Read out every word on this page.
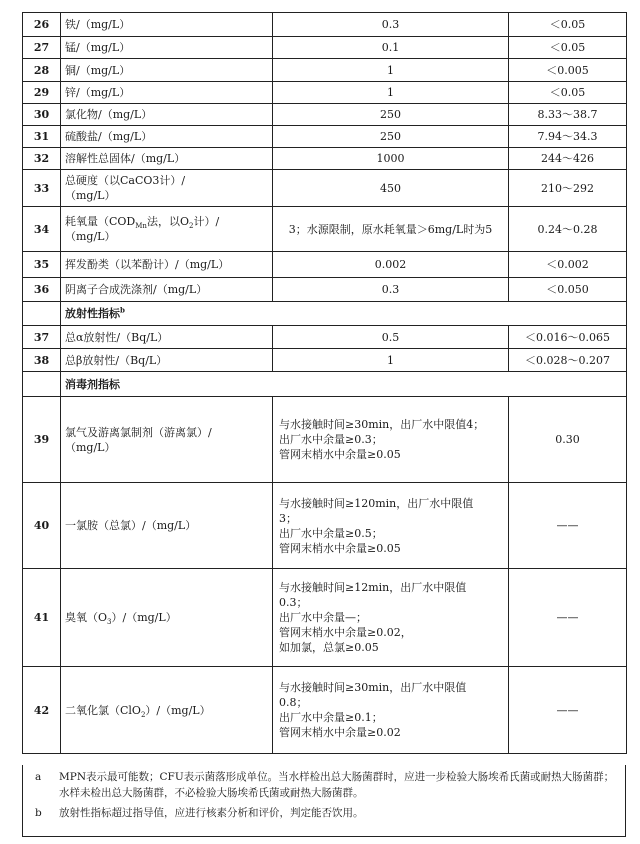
26	铁/（mg/L）	0.3	＜0.05
27	锰/（mg/L）	0.1	＜0.05
28	铜/（mg/L）	1	＜0.005
29	锌/（mg/L）	1	＜0.05
30	氯化物/（mg/L）	250	8.33～38.7
31	硫酸盐/（mg/L）	250	7.94～34.3
32	溶解性总固体/（mg/L）	1000	244～426
33	总硬度（以CaCO3计）/
（mg/L）	450	210～292
34	耗氧量（$COD_{Mn}$法，以$O_2$计）/
（mg/L）	3；水源限制，原水耗氧量＞6mg/L时为5	0.24～0.28
35	挥发酚类（以苯酚计）/（mg/L）	0.002	＜0.002
36	阴离子合成洗涤剂/（mg/L）	0.3	＜0.050
	放射性指标$^b$
37	总α放射性/（Bq/L）	0.5	＜0.016～0.065
38	总β放射性/（Bq/L）	1	＜0.028～0.207
	消毒剂指标		
39	氯气及游离氯制剂（游离氯）/
（mg/L）	与水接触时间≥30min，出厂水中限值4；
出厂水中余量≥0.3；
管网末梢水中余量≥0.05	0.30
40	一氯胺（总氯）/（mg/L）	与水接触时间≥120min，出厂水中限值
3；
出厂水中余量≥0.5；
管网末梢水中余量≥0.05	——
41	臭氧$(O_3)/(mg/L)$	与水接触时间≥12min，出厂水中限值
0.3；
出厂水中余量—；
管网末梢水中余量≥0.02，
如加氯，总氯≥0.05	——
42	二氧化氯（ClO$_2$）/（mg/L）	与水接触时间≥30min，出厂水中限值
0.8；
出厂水中余量≥0.1；
管网末梢水中余量≥0.02	——
a MPN表示最可能数；CFU表示菌落形成单位。当水样检出总大肠菌群时，应进一步检验大肠埃希氏菌或耐热大肠菌群；水样未检出总大肠菌群，不必检验大肠埃希氏菌或耐热大肠菌群。
b 放射性指标超过指导值，应进行核素分析和评价，判定能否饮用。
